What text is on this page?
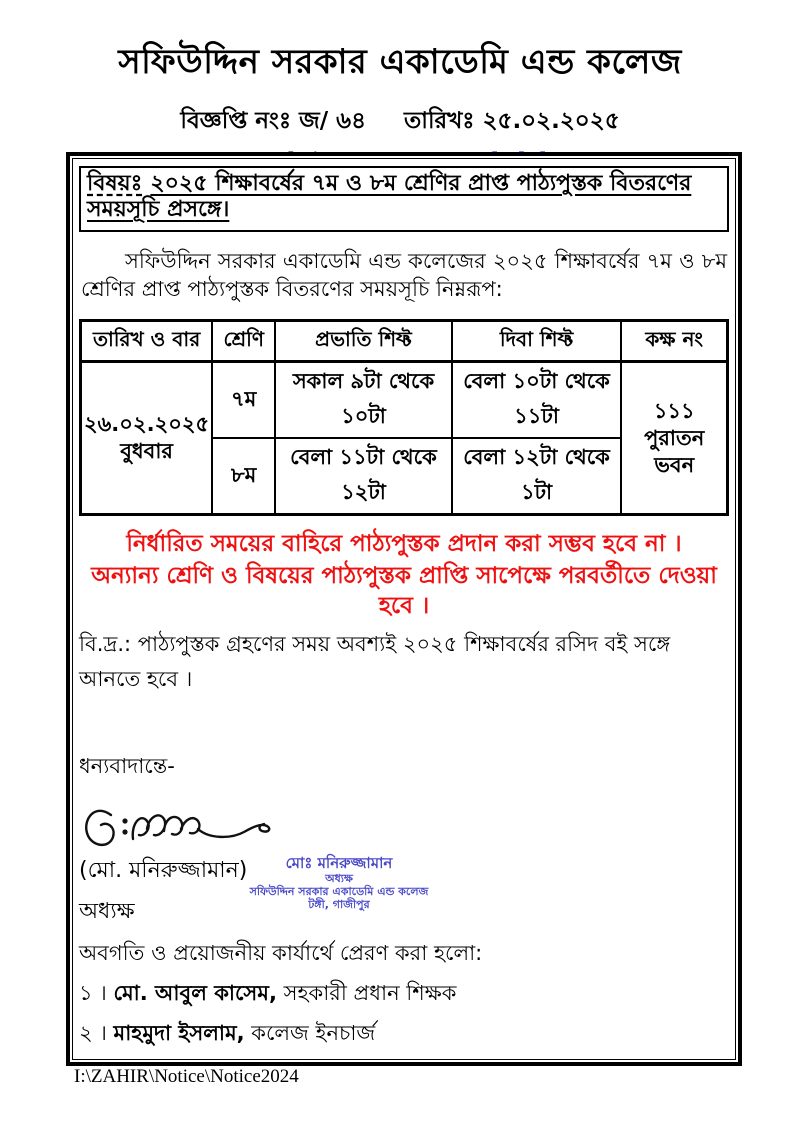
সফিউদ্দিন সরকার একাডেমি এন্ড কলেজ
বিজ্ঞপ্তি নংঃ জ/ ৬৪ তারিখঃ ২৫.০২.২০২৫
বিষয়ঃ ২০২৫ শিক্ষাবর্ষের ৭ম ও ৮ম শ্রেণির প্রাপ্ত পাঠ্যপুস্তক বিতরণের সময়সূচি প্রসঙ্গে।

সফিউদ্দিন সরকার একাডেমি এন্ড কলেজের ২০২৫ শিক্ষাবর্ষের ৭ম ও ৮ম শ্রেণির প্রাপ্ত পাঠ্যপুস্তক বিতরণের সময়সূচি নিম্নরূপ:

তারিখ ও বার	শ্রেণি	প্রভাতি শিফ্ট	দিবা শিফ্ট	কক্ষ নং

২৬.০২.২০২৫
বুধবার
	৭ম	সকাল ৯টা থেকে ১০টা	বেলা ১০টা থেকে ১১টা	১১১
পুরাতন ভবন

	৮ম	বেলা ১১টা থেকে ১২টা	বেলা ১২টা থেকে ১টা	
নির্ধারিত সময়ের বাহিরে পাঠ্যপুস্তক প্রদান করা সম্ভব হবে না ।
অন্যান্য শ্রেণি ও বিষয়ের পাঠ্যপুস্তক প্রাপ্তি সাপেক্ষে পরবর্তীতে দেওয়া হবে ।
বি.দ্র.: পাঠ্যপুস্তক গ্রহণের সময় অবশ্যই ২০২৫ শিক্ষাবর্ষের রসিদ বই সঙ্গে আনতে হবে ।
ধন্যবাদান্তে-
(মো. মনিরুজ্জামান)
অধ্যক্ষ
মোঃ মনিরুজ্জামান
অধ্যক্ষ
সফিউদ্দিন সরকার একাডেমি এন্ড কলেজ
টঙ্গী, গাজীপুর
অবগতি ও প্রয়োজনীয় কার্যার্থে প্রেরণ করা হলো:
১ । মো. আবুল কাসেম, সহকারী প্রধান শিক্ষক
২ । মাহমুদা ইসলাম, কলেজ ইনচার্জ
I:\ZAHIR\Notice\Notice2024
